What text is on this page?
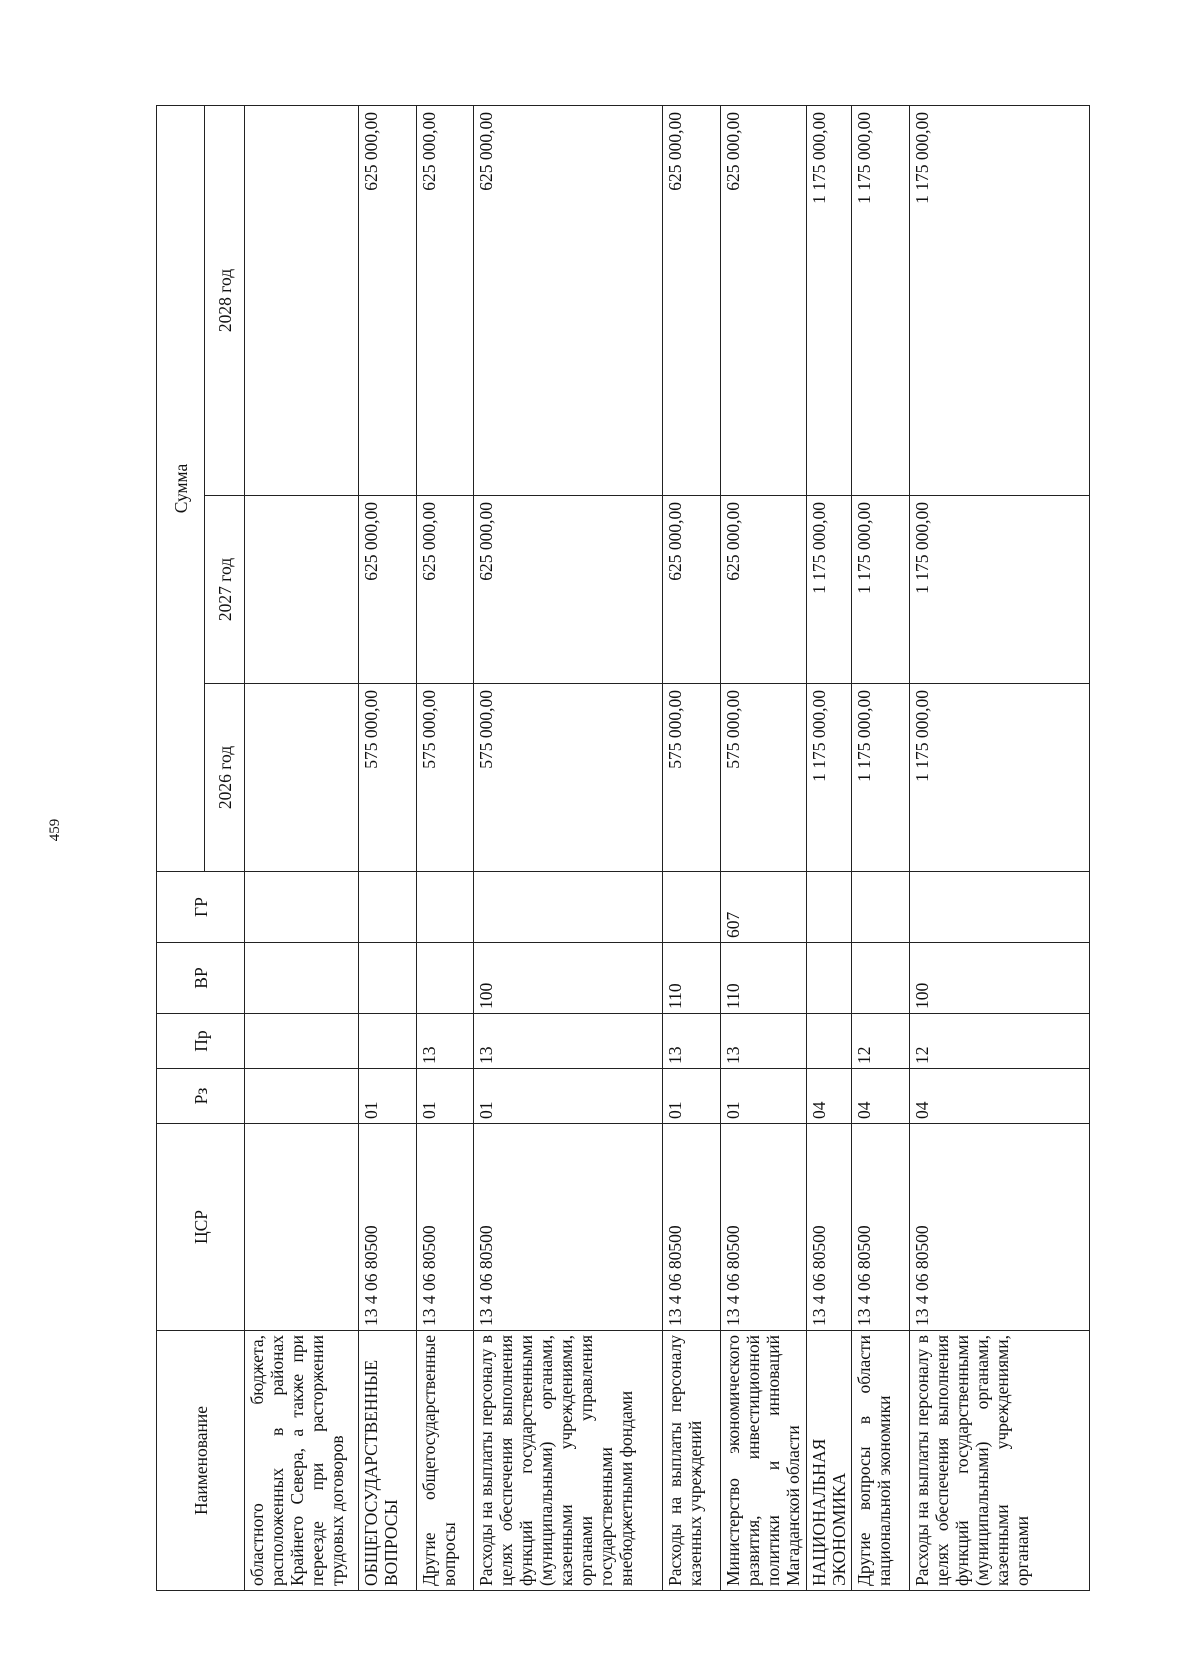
459
Наименование	ЦСР	Рз	Пр	ВР	ГР	Сумма		
						2026 год	2027 год	2028 год
областного бюджета, расположенных в районах Крайнего Севера, а также при переезде при расторжении трудовых договоров								
ОБЩЕГОСУДАРСТВЕННЫЕ ВОПРОСЫ	13 4 06 80500	01				575 000,00	625 000,00	625 000,00
Другие общегосударственные вопросы	13 4 06 80500	01	13			575 000,00	625 000,00	625 000,00
Расходы на выплаты персоналу в целях обеспечения выполнения функций государственными (муниципальными) органами, казенными учреждениями, органами управления государственными внебюджетными фондами	13 4 06 80500	01	13	100		575 000,00	625 000,00	625 000,00
Расходы на выплаты персоналу казенных учреждений	13 4 06 80500	01	13	110		575 000,00	625 000,00	625 000,00
Министерство экономического развития, инвестиционной политики и инноваций Магаданской области	13 4 06 80500	01	13	110	607	575 000,00	625 000,00	625 000,00
НАЦИОНАЛЬНАЯ ЭКОНОМИКА	13 4 06 80500	04				1 175 000,00	1 175 000,00	1 175 000,00
Другие вопросы в области национальной экономики	13 4 06 80500	04	12			1 175 000,00	1 175 000,00	1 175 000,00
Расходы на выплаты персоналу в целях обеспечения выполнения функций государственными (муниципальными) органами, казенными учреждениями, органами	13 4 06 80500	04	12	100		1 175 000,00	1 175 000,00	1 175 000,00
